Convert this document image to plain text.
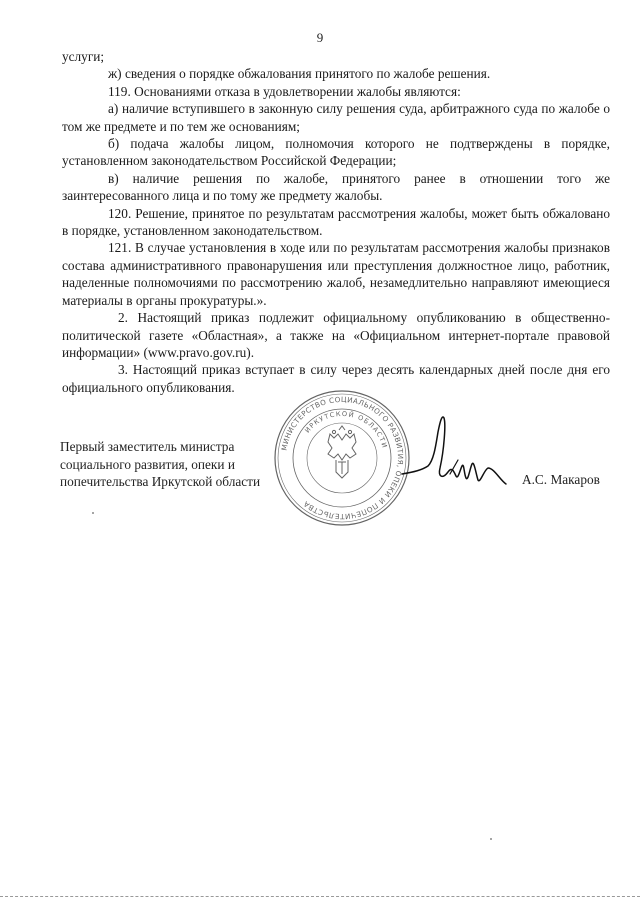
9

услуги;

ж) сведения о порядке обжалования принятого по жалобе решения.

119. Основаниями отказа в удовлетворении жалобы являются:

а) наличие вступившего в законную силу решения суда, арбитражного суда по жалобе о том же предмете и по тем же основаниям;

б) подача жалобы лицом, полномочия которого не подтверждены в порядке, установленном законодательством Российской Федерации;

в) наличие решения по жалобе, принятого ранее в отношении того же заинтересованного лица и по тому же предмету жалобы.

120. Решение, принятое по результатам рассмотрения жалобы, может быть обжаловано в порядке, установленном законодательством.

121. В случае установления в ходе или по результатам рассмотрения жалобы признаков состава административного правонарушения или преступления должностное лицо, работник, наделенные полномочиями по рассмотрению жалоб, незамедлительно направляют имеющиеся материалы в органы прокуратуры.».

2. Настоящий приказ подлежит официальному опубликованию в общественно-политической газете «Областная», а также на «Официальном интернет-портале правовой информации» (www.pravo.gov.ru).

3. Настоящий приказ вступает в силу через десять календарных дней после дня его официального опубликования.

Первый заместитель министра
социального развития, опеки и
попечительства Иркутской области
МИНИСТЕРСТВО СОЦИАЛЬНОГО РАЗВИТИЯ, ОПЕКИ И ПОПЕЧИТЕЛЬСТВА
ИРКУТСКОЙ ОБЛАСТИ
А.С. Макаров
